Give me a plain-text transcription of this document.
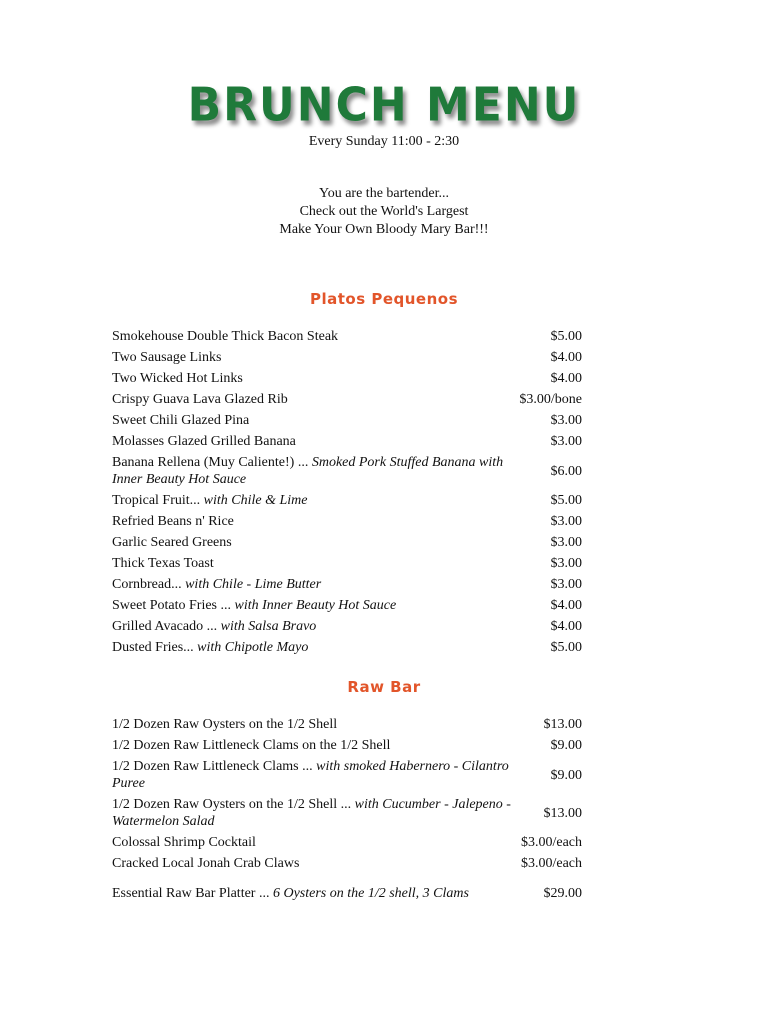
BRUNCH MENU
Every Sunday 11:00 - 2:30
You are the bartender...
Check out the World's Largest
Make Your Own Bloody Mary Bar!!!
Platos Pequenos
Smokehouse Double Thick Bacon Steak	$5.00
Two Sausage Links	$4.00
Two Wicked Hot Links	$4.00
Crispy Guava Lava Glazed Rib	$3.00/bone
Sweet Chili Glazed Pina	$3.00
Molasses Glazed Grilled Banana	$3.00
Banana Rellena (Muy Caliente!) ... Smoked Pork Stuffed Banana with Inner Beauty Hot Sauce	$6.00
Tropical Fruit... with Chile & Lime	$5.00
Refried Beans n' Rice	$3.00
Garlic Seared Greens	$3.00
Thick Texas Toast	$3.00
Cornbread... with Chile - Lime Butter	$3.00
Sweet Potato Fries ... with Inner Beauty Hot Sauce	$4.00
Grilled Avacado ... with Salsa Bravo	$4.00
Dusted Fries... with Chipotle Mayo	$5.00
Raw Bar
1/2 Dozen Raw Oysters on the 1/2 Shell	$13.00
1/2 Dozen Raw Littleneck Clams on the 1/2 Shell	$9.00
1/2 Dozen Raw Littleneck Clams ... with smoked Habernero - Cilantro Puree	$9.00
1/2 Dozen Raw Oysters on the 1/2 Shell ... with Cucumber - Jalepeno - Watermelon Salad	$13.00
Colossal Shrimp Cocktail	$3.00/each
Cracked Local Jonah Crab Claws	$3.00/each
Essential Raw Bar Platter ... 6 Oysters on the 1/2 shell, 3 Clams	$29.00
